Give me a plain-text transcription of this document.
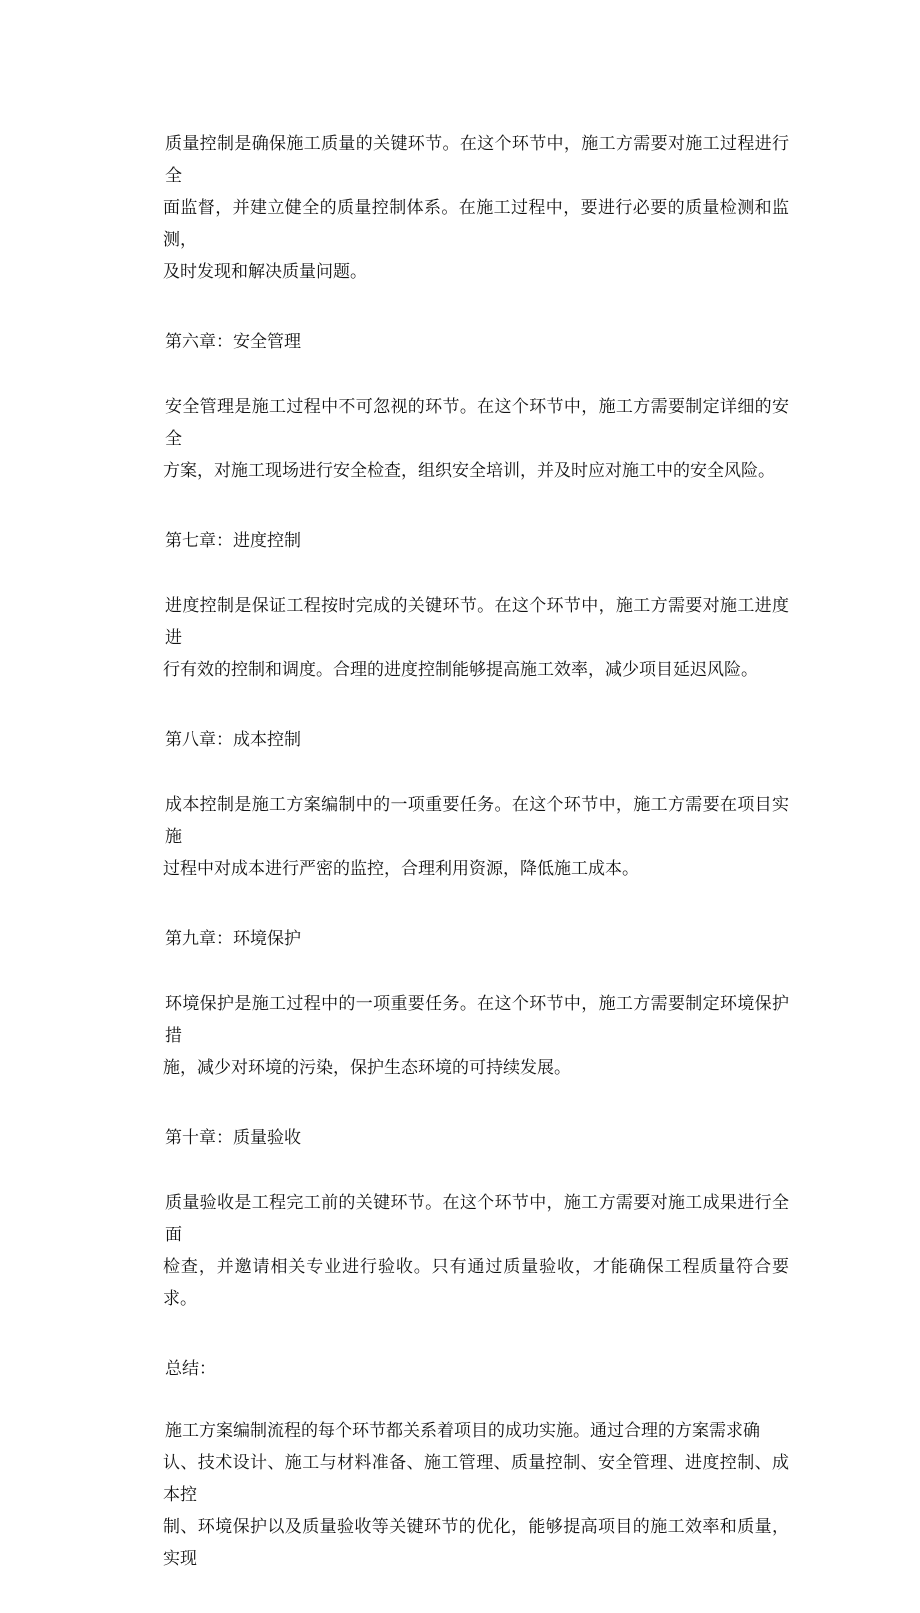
质量控制是确保施工质量的关键环节。在这个环节中，施工方需要对施工过程进行全
面监督，并建立健全的质量控制体系。在施工过程中，要进行必要的质量检测和监测，
及时发现和解决质量问题。

第六章：安全管理

安全管理是施工过程中不可忽视的环节。在这个环节中，施工方需要制定详细的安全
方案，对施工现场进行安全检查，组织安全培训，并及时应对施工中的安全风险。

第七章：进度控制

进度控制是保证工程按时完成的关键环节。在这个环节中，施工方需要对施工进度进
行有效的控制和调度。合理的进度控制能够提高施工效率，减少项目延迟风险。

第八章：成本控制

成本控制是施工方案编制中的一项重要任务。在这个环节中，施工方需要在项目实施
过程中对成本进行严密的监控，合理利用资源，降低施工成本。

第九章：环境保护

环境保护是施工过程中的一项重要任务。在这个环节中，施工方需要制定环境保护措
施，减少对环境的污染，保护生态环境的可持续发展。

第十章：质量验收

质量验收是工程完工前的关键环节。在这个环节中，施工方需要对施工成果进行全面
检查，并邀请相关专业进行验收。只有通过质量验收，才能确保工程质量符合要求。

总结：

施工方案编制流程的每个环节都关系着项目的成功实施。通过合理的方案需求确
认、技术设计、施工与材料准备、施工管理、质量控制、安全管理、进度控制、成本控
制、环境保护以及质量验收等关键环节的优化，能够提高项目的施工效率和质量，实现
